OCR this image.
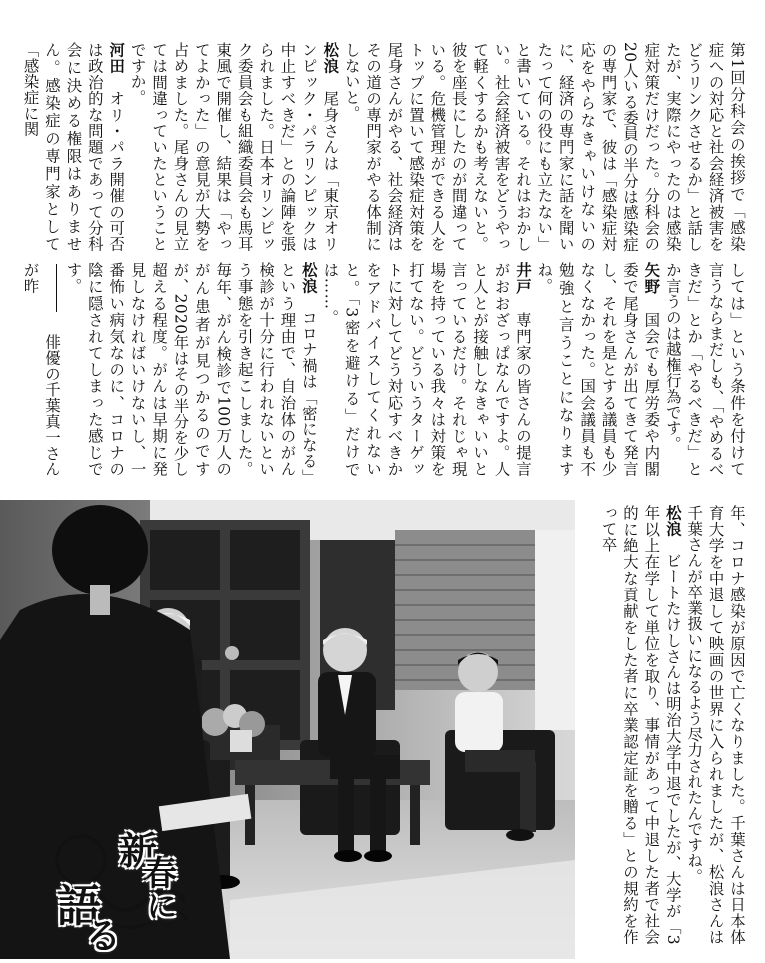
第1回分科会の挨拶で「感染症への対応と社会経済被害をどうリンクさせるか」と話したが、実際にやったのは感染症対策だけだった。分科会の20人いる委員の半分は感染症の専門家で、彼は「感染症対応をやらなきゃいけないのに、経済の専門家に話を聞いたって何の役にも立たない」と書いている。それはおかしい。社会経済被害をどうやって軽くするかも考えないと。彼を座長にしたのが間違っている。危機管理ができる人をトップに置いて感染症対策を尾身さんがやる、社会経済はその道の専門家がやる体制にしないと。

松浪　尾身さんは「東京オリンピック・パラリンピックは中止すべきだ」との論陣を張られました。日本オリンピック委員会も組織委員会も馬耳東風で開催し、結果は「やってよかった」の意見が大勢を占めました。尾身さんの見立ては間違っていたということですか。

河田　オリ・パラ開催の可否は政治的な問題であって分科会に決める権限はありません。感染症の専門家として「感染症に関

しては」という条件を付けて言うならまだしも、「やめるべきだ」とか「やるべきだ」とか言うのは越権行為です。

矢野　国会でも厚労委や内閣委で尾身さんが出てきて発言し、それを是とする議員も少なくなかった。国会議員も不勉強と言うことになりますね。

井戸　専門家の皆さんの提言がおおざっぱなんですよ。人と人とが接触しなきゃいいと言っているだけ。それじゃ現場を持っている我々は対策を打てない。どういうターゲットに対してどう対応すべきかをアドバイスしてくれないと。「3密を避ける」だけでは……。

松浪　コロナ禍は「密になる」という理由で、自治体のがん検診が十分に行われないという事態を引き起こしました。毎年、がん検診で100万人のがん患者が見つかるのですが、2020年はその半分を少し超える程度。がんは早期に発見しなければいけないし、一番怖い病気なのに、コロナの陰に隠されてしまった感じです。

　俳優の千葉真一さんが昨

年、コロナ感染が原因で亡くなりました。千葉さんは日本体育大学を中退して映画の世界に入られましたが、松浪さんは千葉さんが卒業扱いになるよう尽力されたんですね。

松浪　ビートたけしさんは明治大学中退でしたが、大学が「3年以上在学して単位を取り、事情があって中退した者で社会的に絶大な貢献をした者に卒業認定証を贈る」との規約を作って卒

新
春
に
語
る
